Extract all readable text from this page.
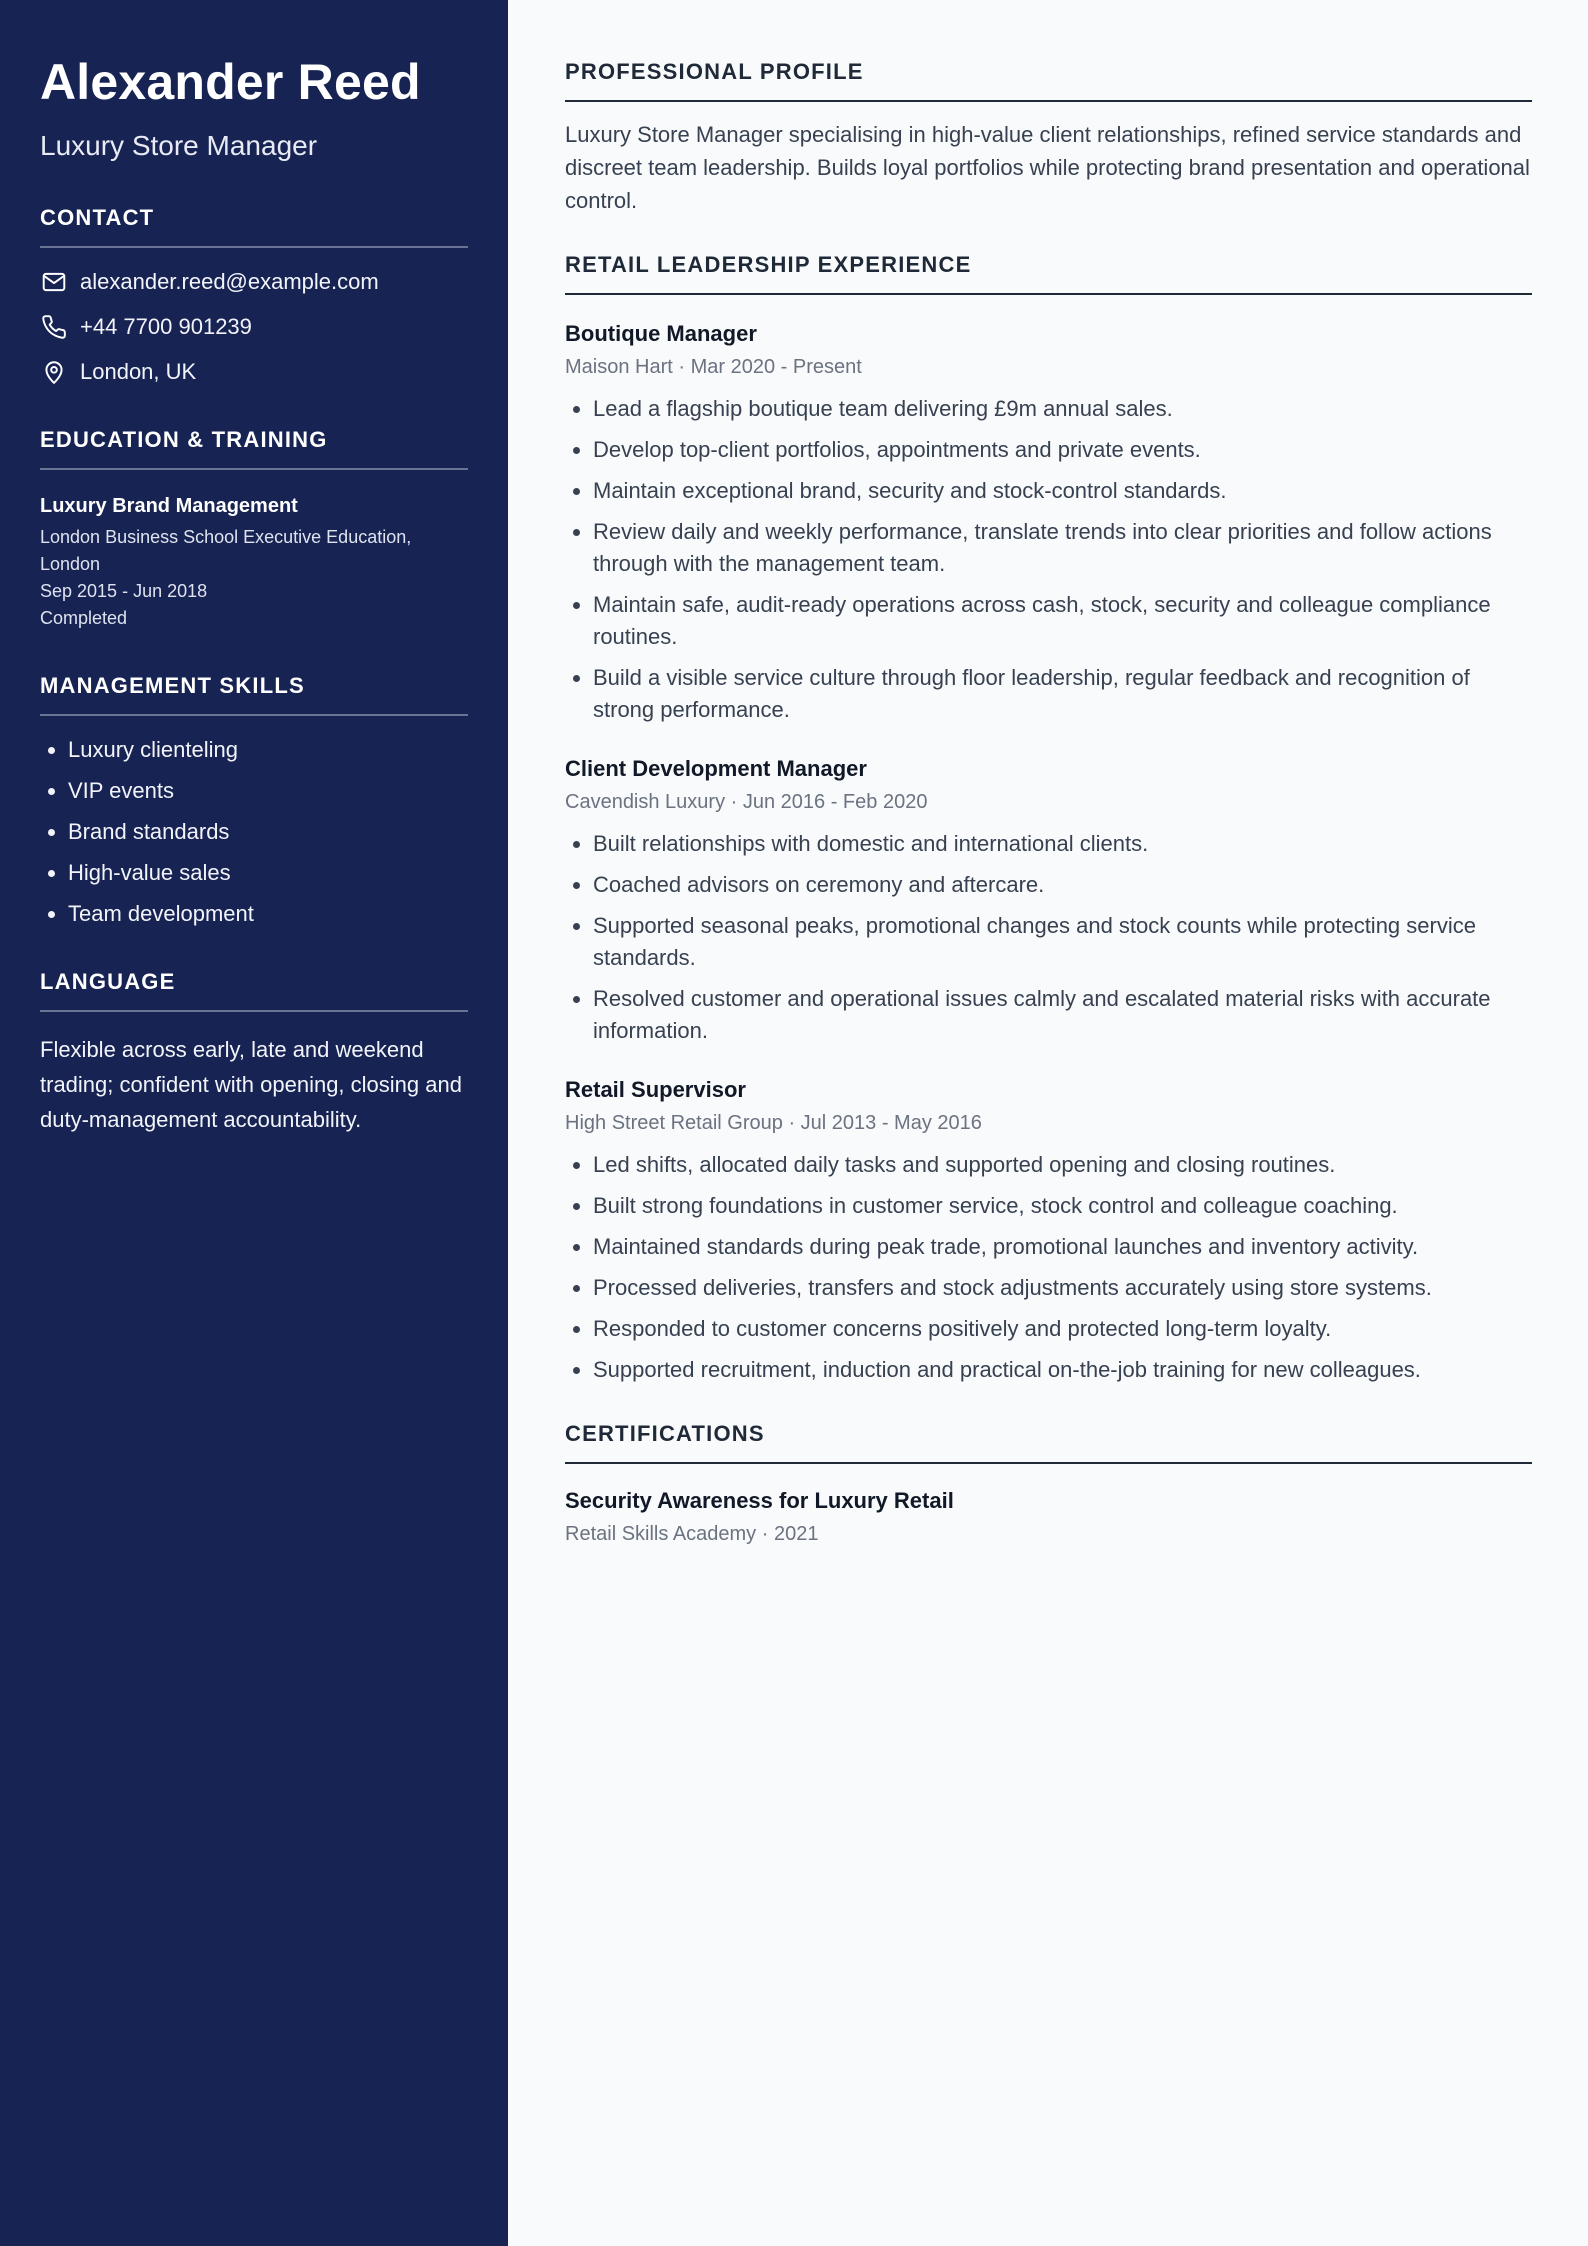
Alexander Reed
Luxury Store Manager
CONTACT
alexander.reed@example.com
+44 7700 901239
London, UK
EDUCATION & TRAINING
Luxury Brand Management
London Business School Executive Education, London
Sep 2015 - Jun 2018
Completed
MANAGEMENT SKILLS
• Luxury clienteling
• VIP events
• Brand standards
• High-value sales
• Team development
LANGUAGE
Flexible across early, late and weekend trading; confident with opening, closing and duty-management accountability.
PROFESSIONAL PROFILE

Luxury Store Manager specialising in high-value client relationships, refined service standards and discreet team leadership. Builds loyal portfolios while protecting brand presentation and operational control.

RETAIL LEADERSHIP EXPERIENCE
Boutique Manager
Maison Hart · Mar 2020 - Present
• Lead a flagship boutique team delivering £9m annual sales.
• Develop top-client portfolios, appointments and private events.
• Maintain exceptional brand, security and stock-control standards.
• Review daily and weekly performance, translate trends into clear priorities and follow actions through with the management team.
• Maintain safe, audit-ready operations across cash, stock, security and colleague compliance routines.
• Build a visible service culture through floor leadership, regular feedback and recognition of strong performance.
Client Development Manager
Cavendish Luxury · Jun 2016 - Feb 2020
• Built relationships with domestic and international clients.
• Coached advisors on ceremony and aftercare.
• Supported seasonal peaks, promotional changes and stock counts while protecting service standards.
• Resolved customer and operational issues calmly and escalated material risks with accurate information.
Retail Supervisor
High Street Retail Group · Jul 2013 - May 2016
• Led shifts, allocated daily tasks and supported opening and closing routines.
• Built strong foundations in customer service, stock control and colleague coaching.
• Maintained standards during peak trade, promotional launches and inventory activity.
• Processed deliveries, transfers and stock adjustments accurately using store systems.
• Responded to customer concerns positively and protected long-term loyalty.
• Supported recruitment, induction and practical on-the-job training for new colleagues.
CERTIFICATIONS
Security Awareness for Luxury Retail
Retail Skills Academy · 2021
